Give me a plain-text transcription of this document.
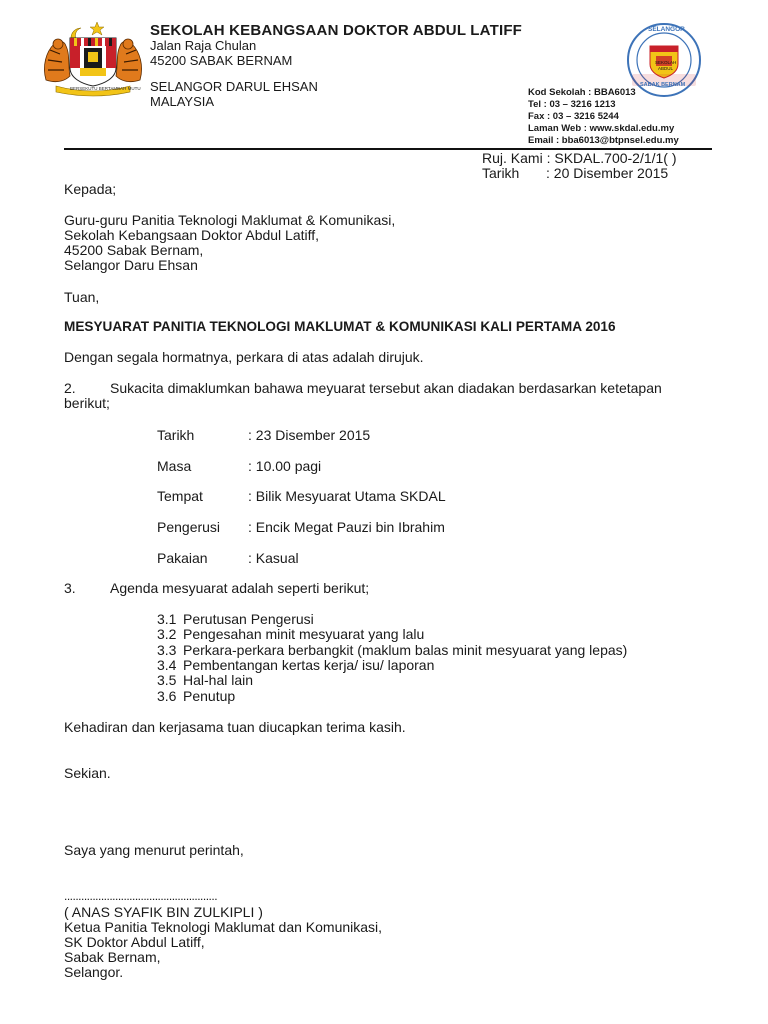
SELANGOR
SEKOLAH
ABDUL
SABAK BERNAM
BERSEKUTU BERTAMBAH MUTU
SEKOLAH KEBANGSAAN DOKTOR ABDUL LATIFF
Jalan Raja Chulan
45200 SABAK BERNAM
SELANGOR DARUL EHSAN
MALAYSIA
Kod Sekolah : BBA6013
Tel : 03 – 3216 1213
Fax : 03 – 3216 5244
Laman Web : www.skdal.edu.my
Email : bba6013@btpnsel.edu.my
Ruj. Kami : SKDAL.700-2/1/1( )
Tarikh : 20 Disember 2015
Kepada;
Guru-guru Panitia Teknologi Maklumat & Komunikasi,
Sekolah Kebangsaan Doktor Abdul Latiff,
45200 Sabak Bernam,
Selangor Daru Ehsan
Tuan,
MESYUARAT PANITIA TEKNOLOGI MAKLUMAT & KOMUNIKASI KALI PERTAMA 2016
Dengan segala hormatnya, perkara di atas adalah dirujuk.
2. Sukacita dimaklumkan bahawa meyuarat tersebut akan diadakan berdasarkan ketetapan
berikut;
Tarikh	: 23 Disember 2015
Masa	: 10.00 pagi
Tempat	: Bilik Mesyuarat Utama SKDAL
Pengerusi : Encik Megat Pauzi bin Ibrahim
Pakaian	: Kasual
3. Agenda mesyuarat adalah seperti berikut;
3.1 Perutusan Pengerusi
3.2 Pengesahan minit mesyuarat yang lalu
3.3 Perkara-perkara berbangkit (maklum balas minit mesyuarat yang lepas)
3.4 Pembentangan kertas kerja/ isu/ laporan
3.5 Hal-hal lain
3.6 Penutup
Kehadiran dan kerjasama tuan diucapkan terima kasih.
Sekian.
Saya yang menurut perintah,
......................................................
( ANAS SYAFIK BIN ZULKIPLI )
Ketua Panitia Teknologi Maklumat dan Komunikasi,
SK Doktor Abdul Latiff,
Sabak Bernam,
Selangor.
